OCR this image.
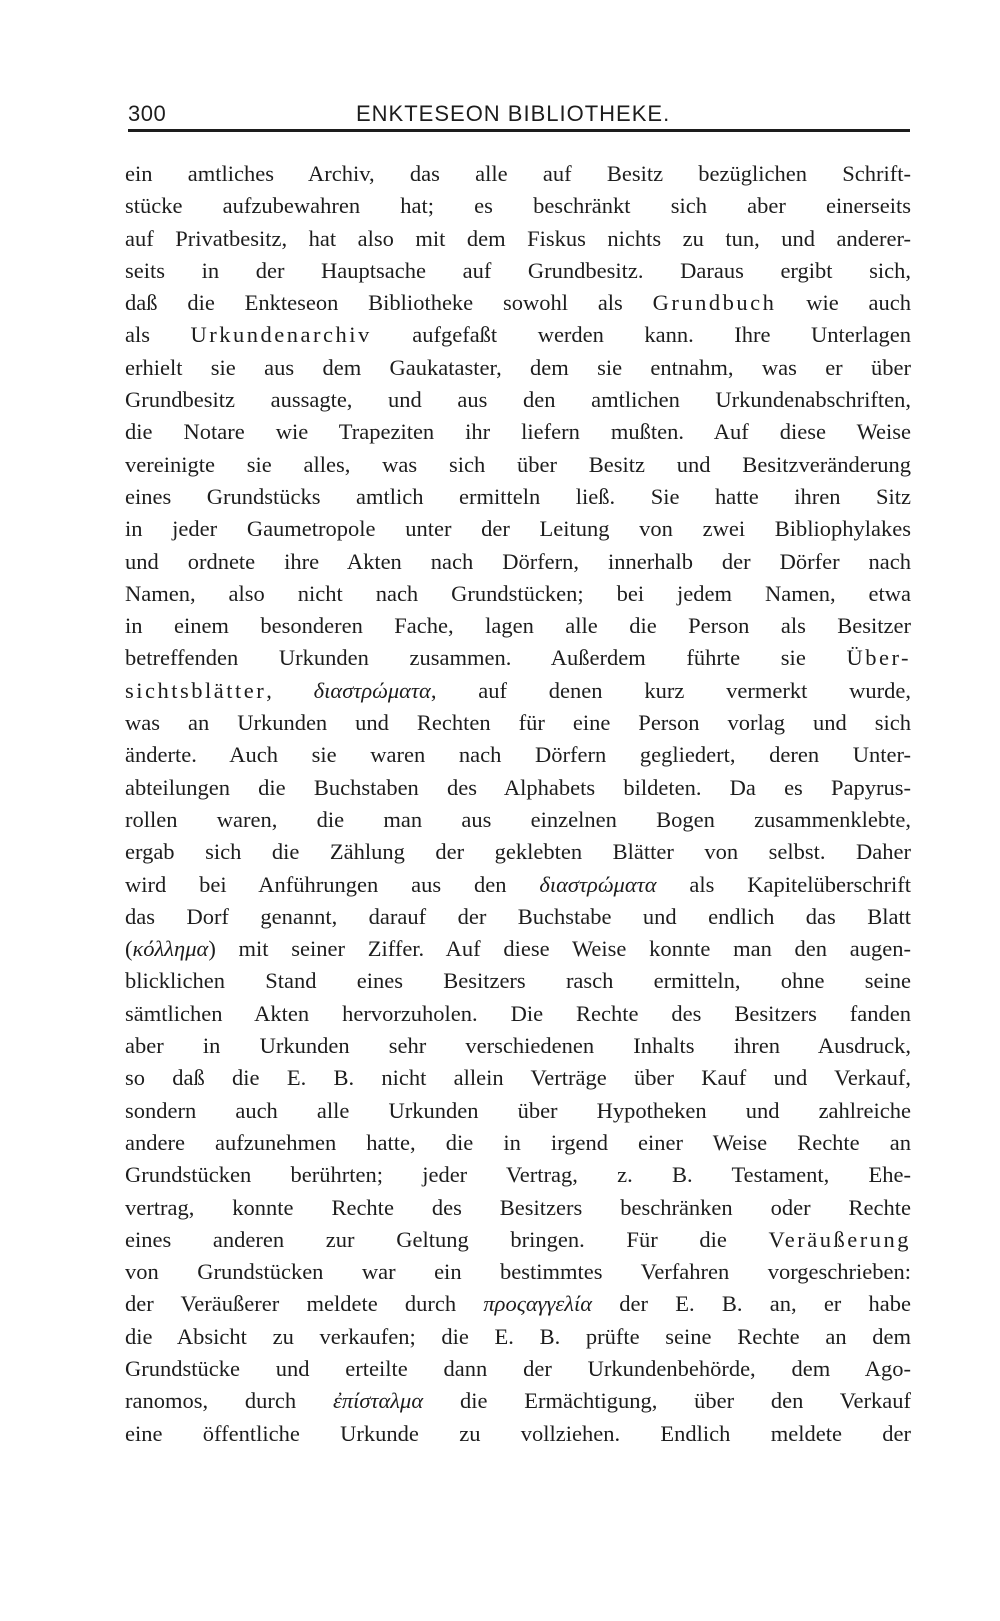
300	ENKTESEON BIBLIOTHEKE.
ein amtliches Archiv, das alle auf Besitz bezüglichen Schrift-
stücke aufzubewahren hat; es beschränkt sich aber einerseits
auf Privatbesitz, hat also mit dem Fiskus nichts zu tun, und anderer-
seits in der Hauptsache auf Grundbesitz. Daraus ergibt sich,
daß die Enkteseon Bibliotheke sowohl als Grundbuch wie auch
als Urkundenarchiv aufgefaßt werden kann. Ihre Unterlagen
erhielt sie aus dem Gaukataster, dem sie entnahm, was er über
Grundbesitz aussagte, und aus den amtlichen Urkundenabschriften,
die Notare wie Trapeziten ihr liefern mußten. Auf diese Weise
vereinigte sie alles, was sich über Besitz und Besitzveränderung
eines Grundstücks amtlich ermitteln ließ. Sie hatte ihren Sitz
in jeder Gaumetropole unter der Leitung von zwei Bibliophylakes
und ordnete ihre Akten nach Dörfern, innerhalb der Dörfer nach
Namen, also nicht nach Grundstücken; bei jedem Namen, etwa
in einem besonderen Fache, lagen alle die Person als Besitzer
betreffenden Urkunden zusammen. Außerdem führte sie Über-
sichtsblätter, διαστρώματα, auf denen kurz vermerkt wurde,
was an Urkunden und Rechten für eine Person vorlag und sich
änderte. Auch sie waren nach Dörfern gegliedert, deren Unter-
abteilungen die Buchstaben des Alphabets bildeten. Da es Papyrus-
rollen waren, die man aus einzelnen Bogen zusammenklebte,
ergab sich die Zählung der geklebten Blätter von selbst. Daher
wird bei Anführungen aus den διαστρώματα als Kapitelüberschrift
das Dorf genannt, darauf der Buchstabe und endlich das Blatt
(κόλλημα) mit seiner Ziffer. Auf diese Weise konnte man den augen-
blicklichen Stand eines Besitzers rasch ermitteln, ohne seine
sämtlichen Akten hervorzuholen. Die Rechte des Besitzers fanden
aber in Urkunden sehr verschiedenen Inhalts ihren Ausdruck,
so daß die E. B. nicht allein Verträge über Kauf und Verkauf,
sondern auch alle Urkunden über Hypotheken und zahlreiche
andere aufzunehmen hatte, die in irgend einer Weise Rechte an
Grundstücken berührten; jeder Vertrag, z. B. Testament, Ehe-
vertrag, konnte Rechte des Besitzers beschränken oder Rechte
eines anderen zur Geltung bringen. Für die Veräußerung
von Grundstücken war ein bestimmtes Verfahren vorgeschrieben:
der Veräußerer meldete durch προςαγγελία der E. B. an, er habe
die Absicht zu verkaufen; die E. B. prüfte seine Rechte an dem
Grundstücke und erteilte dann der Urkundenbehörde, dem Ago-
ranomos, durch ἐπίσταλμα die Ermächtigung, über den Verkauf
eine öffentliche Urkunde zu vollziehen. Endlich meldete der
